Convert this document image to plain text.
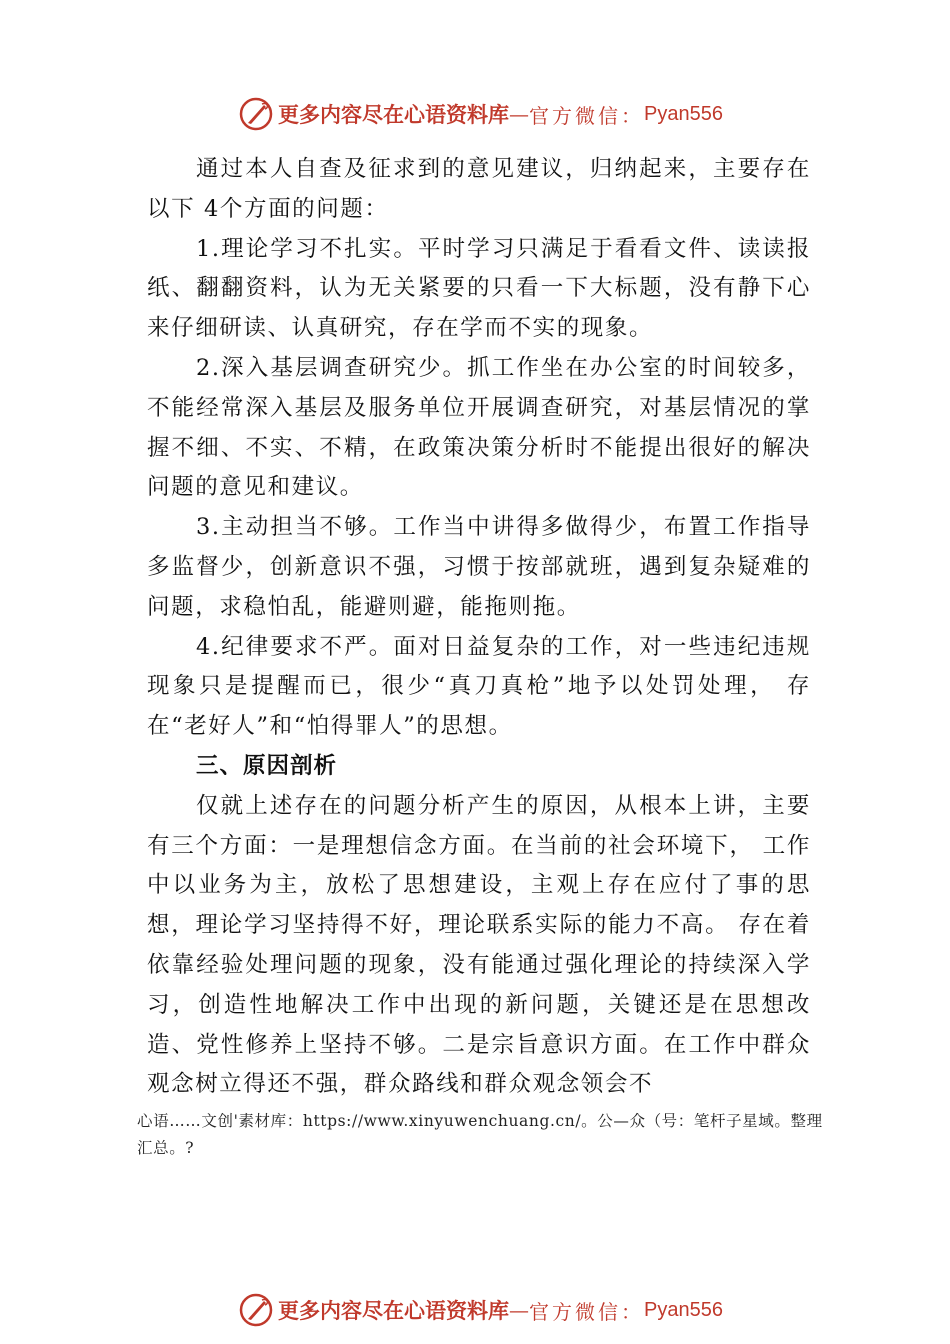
更多内容尽在心语资料库 — 官方微信： Pyan556

通过本人自查及征求到的意见建议，归纳起来，主要存在以下 4个方面的问题：

1.理论学习不扎实。平时学习只满足于看看文件、读读报纸、翻翻资料，认为无关紧要的只看一下大标题，没有静下心来仔细研读、认真研究，存在学而不实的现象。

2.深入基层调查研究少。抓工作坐在办公室的时间较多，不能经常深入基层及服务单位开展调查研究，对基层情况的掌握不细、不实、不精，在政策决策分析时不能提出很好的解决问题的意见和建议。

3.主动担当不够。工作当中讲得多做得少，布置工作指导多监督少，创新意识不强，习惯于按部就班，遇到复杂疑难的问题，求稳怕乱，能避则避，能拖则拖。

4.纪律要求不严。面对日益复杂的工作，对一些违纪违规现象只是提醒而已，很少“真刀真枪”地予以处罚处理， 存在“老好人”和“怕得罪人”的思想。

三、原因剖析

仅就上述存在的问题分析产生的原因，从根本上讲，主要有三个方面：一是理想信念方面。在当前的社会环境下， 工作中以业务为主，放松了思想建设，主观上存在应付了事的思想，理论学习坚持得不好，理论联系实际的能力不高。 存在着依靠经验处理问题的现象，没有能通过强化理论的持续深入学习，创造性地解决工作中出现的新问题，关键还是在思想改造、党性修养上坚持不够。二是宗旨意识方面。在工作中群众观念树立得还不强，群众路线和群众观念领会不

心语……文创'素材库：https://www.xinyuwenchuang.cn/。公—众（号：笔杆子星域。整理汇总。?
更多内容尽在心语资料库 — 官方微信： Pyan556
